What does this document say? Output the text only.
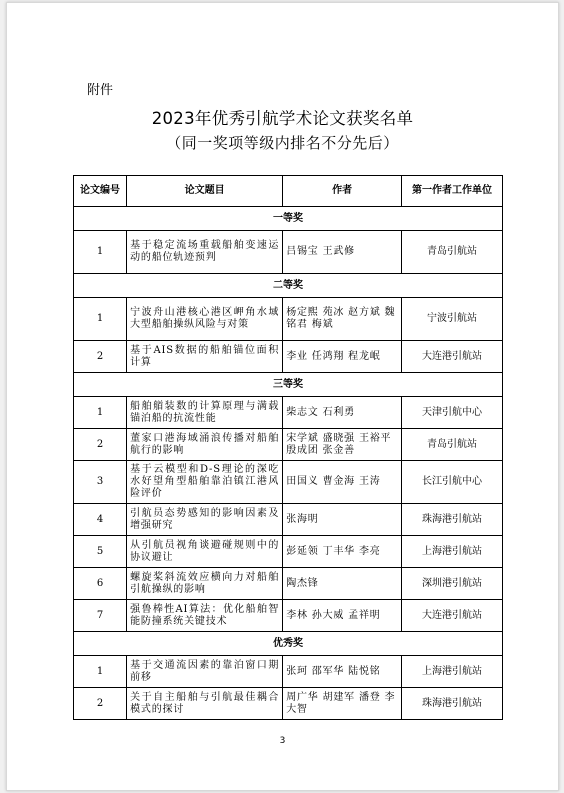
附件
2023年优秀引航学术论文获奖名单
（同一奖项等级内排名不分先后）
论文编号	论文题目	作者	第一作者工作单位
一等奖			
1	基于稳定流场重载船舶变速运动的船位轨迹预判	吕锡宝 王武修	青岛引航站
二等奖			
1	宁波舟山港核心港区岬角水域大型船舶操纵风险与对策	杨定熙 苑冰 赵方斌 魏铭君 梅斌	宁波引航站
2	基于AIS数据的船舶锚位面积计算	李业 任鸿翔 程龙岷	大连港引航站
三等奖			
1	船舶艏装数的计算原理与满载锚泊船的抗流性能	柴志文 石利勇	天津引航中心
2	董家口港海域涌浪传播对船舶航行的影响	宋学斌 盛晓强 王裕平 殷成团 张金善	青岛引航站
3	基于云模型和D-S理论的深吃水好望角型船舶靠泊镇江港风险评价	田国义 曹金海 王涛	长江引航中心
4	引航员态势感知的影响因素及增强研究	张海明	珠海港引航站
5	从引航员视角谈避碰规则中的协议避让	彭延领 丁丰华 李亮	上海港引航站
6	螺旋桨斜流效应横向力对船舶引航操纵的影响	陶杰锋	深圳港引航站
7	强鲁棒性AI算法：优化船舶智能防撞系统关键技术	李林 孙大威 孟祥明	大连港引航站
优秀奖			
1	基于交通流因素的靠泊窗口期前移	张珂 邵军华 陆悦铭	上海港引航站
2	关于自主船舶与引航最佳耦合模式的探讨	周广华 胡建军 潘登 李大智	珠海港引航站
3
